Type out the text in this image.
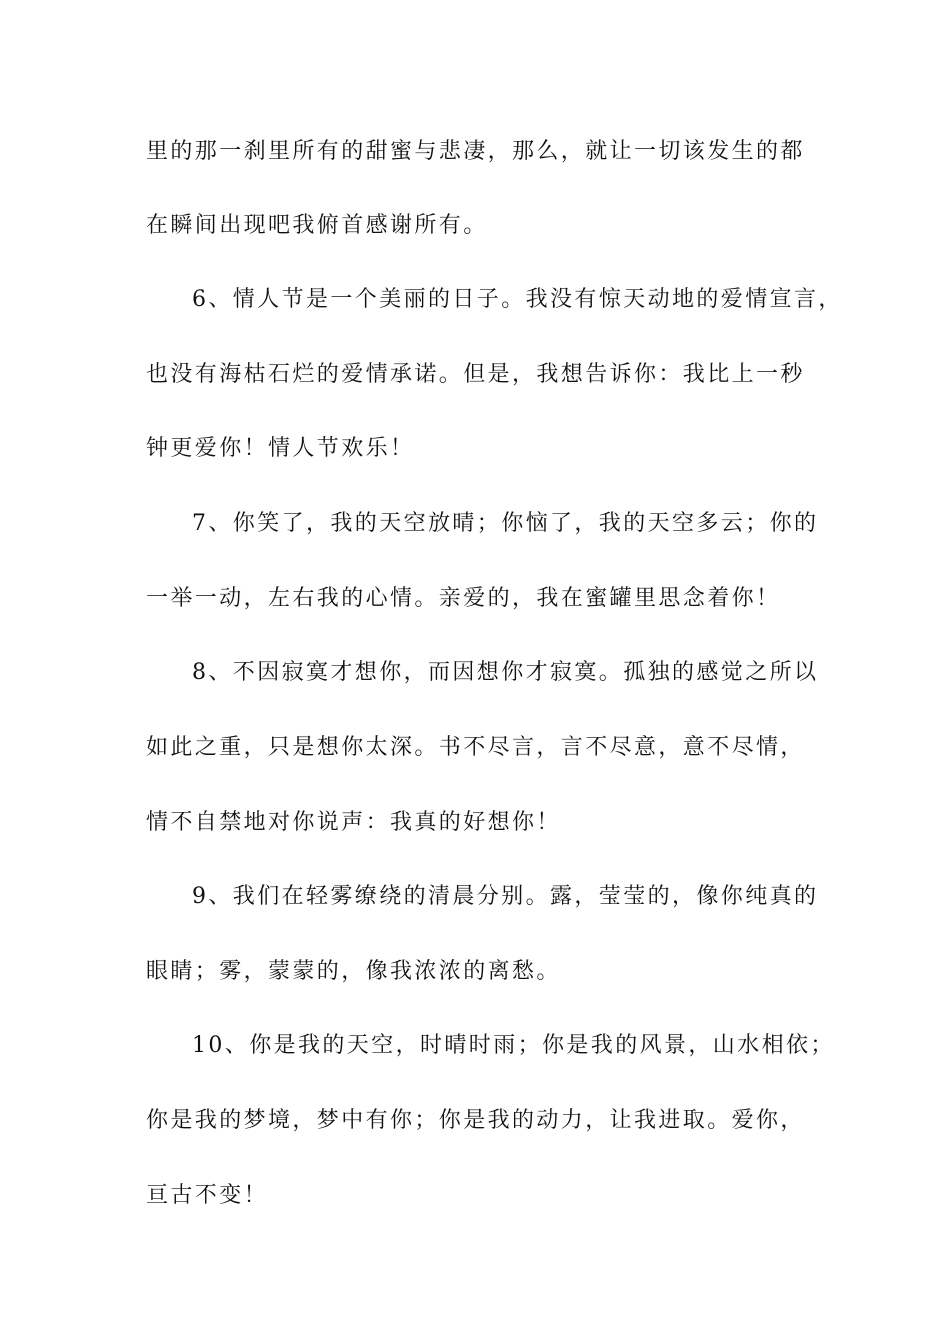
里的那一刹里所有的甜蜜与悲凄，那么，就让一切该发生的都
在瞬间出现吧我俯首感谢所有。
6、情人节是一个美丽的日子。我没有惊天动地的爱情宣言，
也没有海枯石烂的爱情承诺。但是，我想告诉你：我比上一秒
钟更爱你！情人节欢乐！
7、你笑了，我的天空放晴；你恼了，我的天空多云；你的
一举一动，左右我的心情。亲爱的，我在蜜罐里思念着你！
8、不因寂寞才想你，而因想你才寂寞。孤独的感觉之所以
如此之重，只是想你太深。书不尽言，言不尽意，意不尽情，
情不自禁地对你说声：我真的好想你！
9、我们在轻雾缭绕的清晨分别。露，莹莹的，像你纯真的
眼睛；雾，蒙蒙的，像我浓浓的离愁。
10、你是我的天空，时晴时雨；你是我的风景，山水相依；
你是我的梦境，梦中有你；你是我的动力，让我进取。爱你，
亘古不变！
